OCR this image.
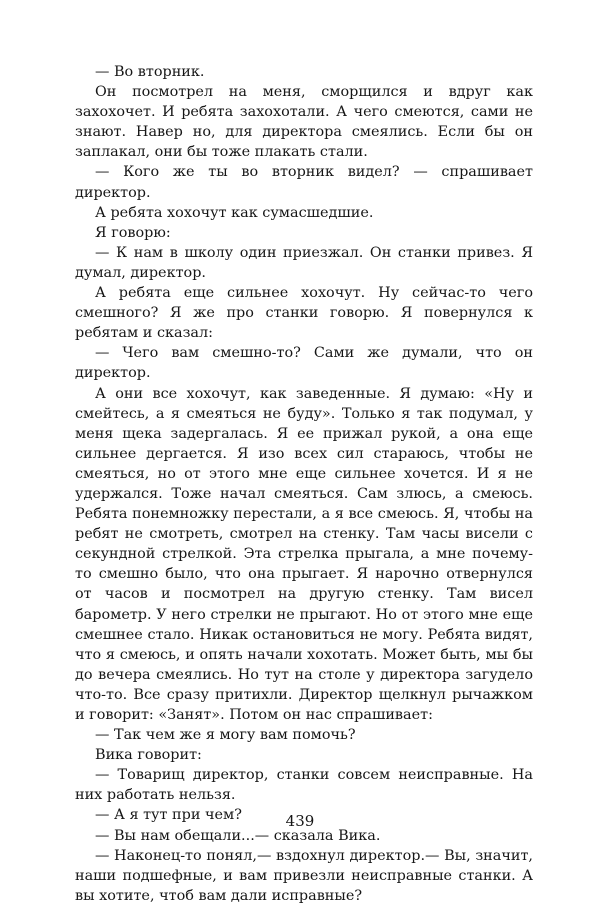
— Во вторник.

Он посмотрел на меня, сморщился и вдруг как захохочет. И ребята захохотали. А чего смеются, сами не знают. Навер но, для директора смеялись. Если бы он заплакал, они бы тоже плакать стали.

— Кого же ты во вторник видел? — спрашивает директор.

А ребята хохочут как сумасшедшие.

Я говорю:

— К нам в школу один приезжал. Он станки привез. Я думал, директор.

А ребята еще сильнее хохочут. Ну сейчас-то чего смешного? Я же про станки говорю. Я повернулся к ребятам и сказал:

— Чего вам смешно-то? Сами же думали, что он директор.

А они все хохочут, как заведенные. Я думаю: «Ну и смейтесь, а я смеяться не буду». Только я так подумал, у меня щека задергалась. Я ее прижал рукой, а она еще сильнее дергается. Я изо всех сил стараюсь, чтобы не смеяться, но от этого мне еще сильнее хочется. И я не удержался. Тоже начал смеяться. Сам злюсь, а смеюсь. Ребята понемножку перестали, а я все смеюсь. Я, чтобы на ребят не смотреть, смотрел на стенку. Там часы висели с секундной стрелкой. Эта стрелка прыгала, а мне почему-то смешно было, что она прыгает. Я нарочно отвернулся от часов и посмотрел на другую стенку. Там висел барометр. У него стрелки не прыгают. Но от этого мне еще смешнее стало. Никак остановиться не могу. Ребята видят, что я смеюсь, и опять начали хохотать. Может быть, мы бы до вечера смеялись. Но тут на столе у директора загудело что-то. Все сразу притихли. Директор щелкнул рычажком и говорит: «Занят». Потом он нас спрашивает:

— Так чем же я могу вам помочь?

Вика говорит:

— Товарищ директор, станки совсем неисправные. На них работать нельзя.

— А я тут при чем?

— Вы нам обещали...— сказала Вика.

— Наконец-то понял,— вздохнул директор.— Вы, значит, наши подшефные, и вам привезли неисправные станки. А вы хотите, чтоб вам дали исправные?

439
